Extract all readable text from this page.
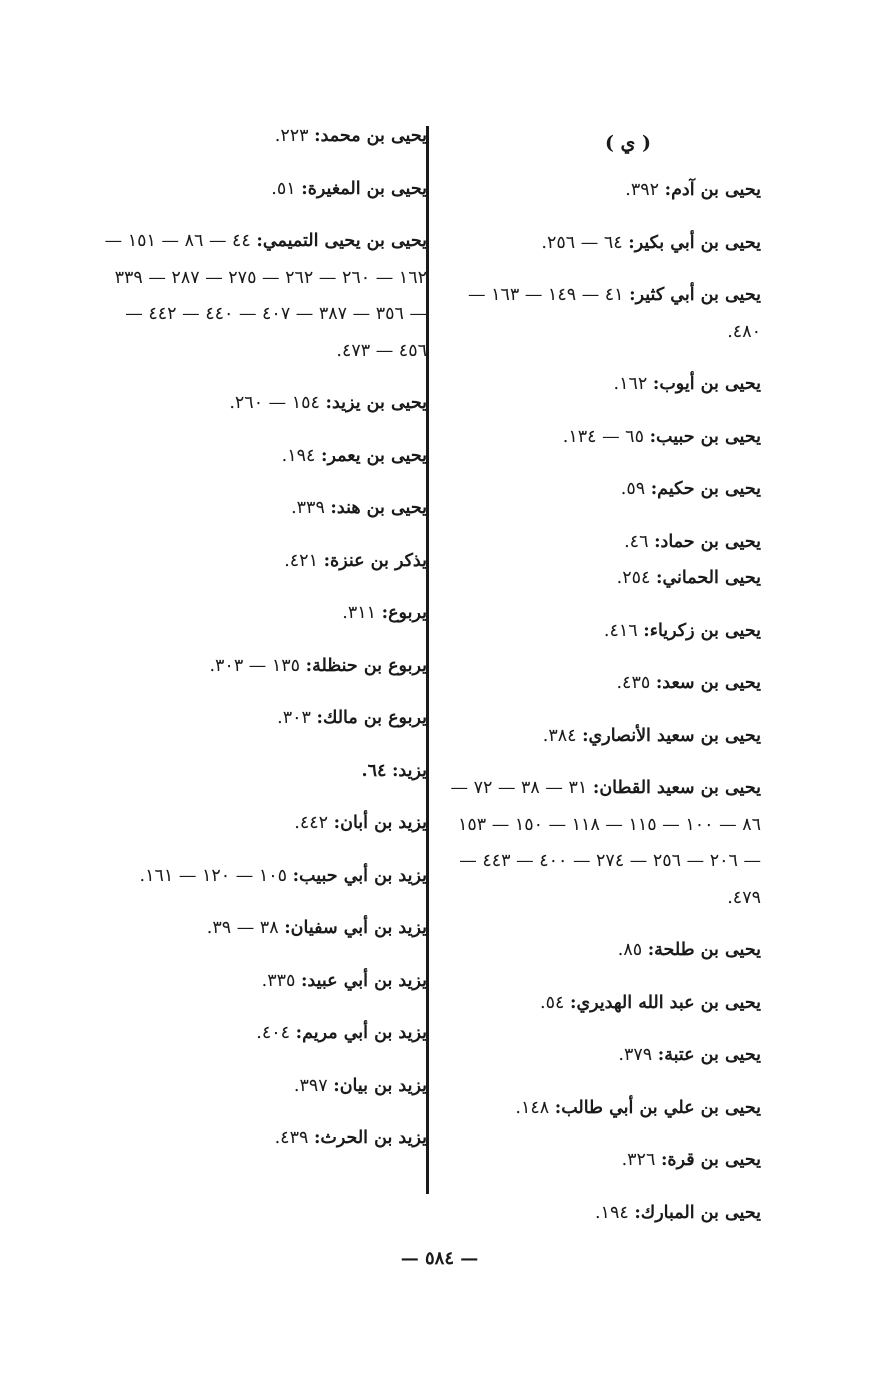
( ي )
يحيى بن آدم: ٣٩٢.
يحيى بن أبي بكير: ٦٤ — ٢٥٦.
يحيى بن أبي كثير: ٤١ — ١٤٩ — ١٦٣ — ٤٨٠.
يحيى بن أيوب: ١٦٢.
يحيى بن حبيب: ٦٥ — ١٣٤.
يحيى بن حكيم: ٥٩.
يحيى بن حماد: ٤٦.
يحيى الحماني: ٢٥٤.
يحيى بن زكرياء: ٤١٦.
يحيى بن سعد: ٤٣٥.
يحيى بن سعيد الأنصاري: ٣٨٤.
يحيى بن سعيد القطان: ٣١ — ٣٨ — ٧٢ — ٨٦ — ١٠٠ — ١١٥ — ١١٨ — ١٥٠ — ١٥٣ — ٢٠٦ — ٢٥٦ — ٢٧٤ — ٤٠٠ — ٤٤٣ — ٤٧٩.
يحيى بن طلحة: ٨٥.
يحيى بن عبد الله الهديري: ٥٤.
يحيى بن عتبة: ٣٧٩.
يحيى بن علي بن أبي طالب: ١٤٨.
يحيى بن قرة: ٣٢٦.
يحيى بن المبارك: ١٩٤.
يحيى بن محمد: ٢٢٣.
يحيى بن المغيرة: ٥١.
يحيى بن يحيى التميمي: ٤٤ — ٨٦ — ١٥١ — ١٦٢ — ٢٦٠ — ٢٦٢ — ٢٧٥ — ٢٨٧ — ٣٣٩ — ٣٥٦ — ٣٨٧ — ٤٠٧ — ٤٤٠ — ٤٤٢ — ٤٥٦ — ٤٧٣.
يحيى بن يزيد: ١٥٤ — ٢٦٠.
يحيى بن يعمر: ١٩٤.
يحيى بن هند: ٣٣٩.
يذكر بن عنزة: ٤٢١.
يربوع: ٣١١.
يربوع بن حنظلة: ١٣٥ — ٣٠٣.
يربوع بن مالك: ٣٠٣.
يزيد: ٦٤.
يزيد بن أبان: ٤٤٢.
يزيد بن أبي حبيب: ١٠٥ — ١٢٠ — ١٦١.
يزيد بن أبي سفيان: ٣٨ — ٣٩.
يزيد بن أبي عبيد: ٣٣٥.
يزيد بن أبي مريم: ٤٠٤.
يزيد بن بيان: ٣٩٧.
يزيد بن الحرث: ٤٣٩.
— ٥٨٤ —
